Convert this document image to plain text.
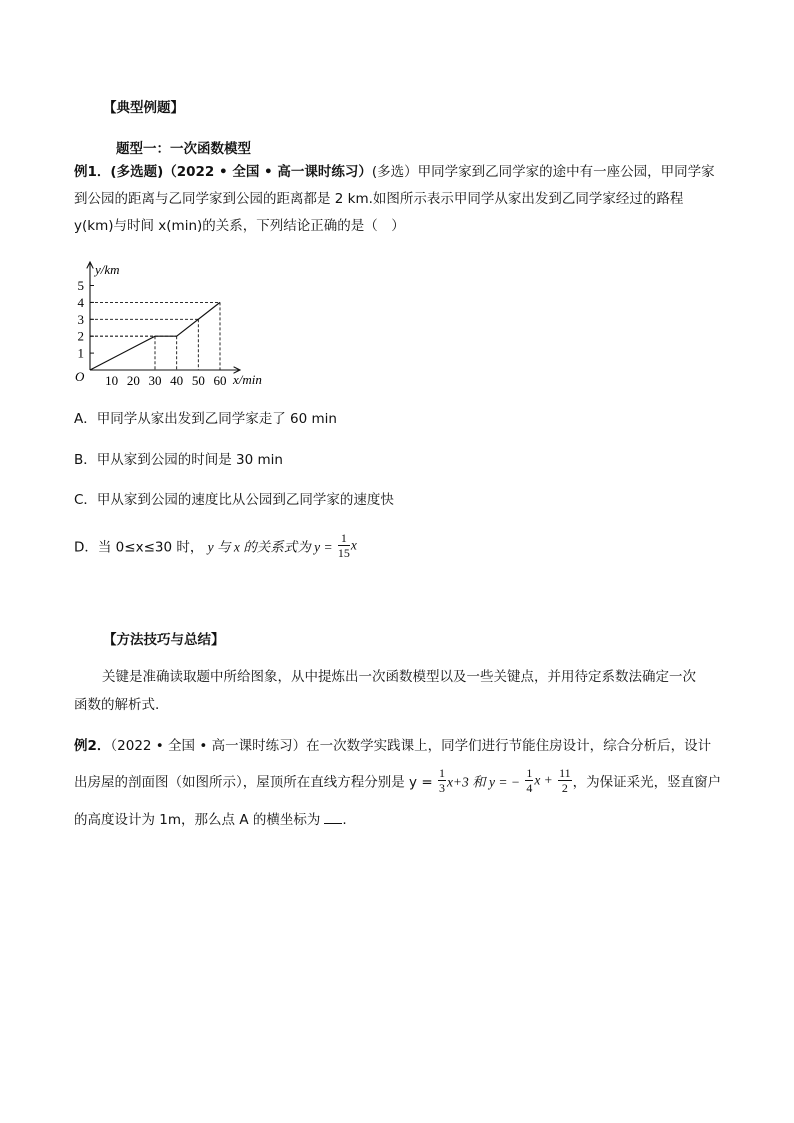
【典型例题】
题型一：一次函数模型
例1．(多选题)（2022 • 全国 • 高一课时练习）(多选）甲同学家到乙同学家的途中有一座公园，甲同学家
到公园的距离与乙同学家到公园的距离都是 2 km.如图所示表示甲同学从家出发到乙同学家经过的路程
y(km)与时间 x(min)的关系，下列结论正确的是（　）
y/km
x/min
O
1
2
3
4
5
10 20 30 40 50 60
A．甲同学从家出发到乙同学家走了 60 min
B．甲从家到公园的时间是 30 min
C．甲从家到公园的速度比从公园到乙同学家的速度快
D．当 0≤x≤30 时， y 与 x 的关系式为 $y = \frac{1}{15}$ x
【方法技巧与总结】
关键是准确读取题中所给图象，从中提炼出一次函数模型以及一些关键点，并用待定系数法确定一次
函数的解析式.
例2．（2022 • 全国 • 高一课时练习）在一次数学实践课上，同学们进行节能住房设计，综合分析后，设计
出房屋的剖面图（如图所示），屋顶所在直线方程分别是 $y = \frac{1}{3} x+3$ 和 y = − $\frac{1}{4}$ $x + \frac{11}{2}$ ，为保证采光，竖直窗户
的高度设计为 1m，那么点 A 的横坐标为 .
